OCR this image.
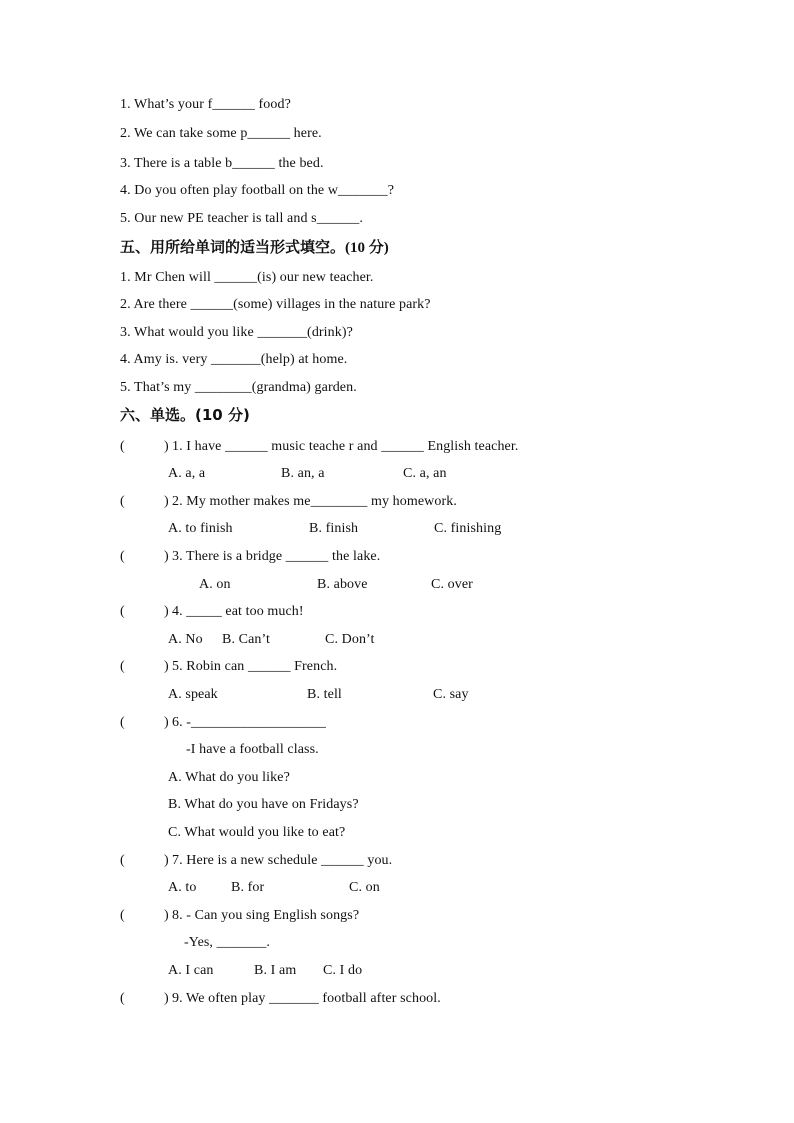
1. What’s your f______ food?
2. We can take some p______ here.
3. There is a table b______ the bed.
4. Do you often play football on the w_______?
5. Our new PE teacher is tall and s______.
五、用所给单词的适当形式填空。(10 分)
1. Mr Chen will ______(is) our new teacher.
2. Are there ______(some) villages in the nature park?
3. What would you like _______(drink)?
4. Amy is. very _______(help) at home.
5. That’s my ________(grandma) garden.
六、单选。(10 分)
(	) 1. I have ______ music teache r and ______ English teacher.
A. a, a	B. an, a	C. a, an
(	) 2. My mother makes me________ my homework.
A. to finish	B. finish	C. finishing
(	) 3. There is a bridge ______ the lake.
A. on	B. above	C. over
(	) 4. _____ eat too much!
A. No B. Can’t	C. Don’t
(	) 5. Robin can ______ French.
A. speak	B. tell	C. say
(	) 6. -___________________
-I have a football class.
A. What do you like?
B. What do you have on Fridays?
C. What would you like to eat?
(	) 7. Here is a new schedule ______ you.
A. to B. for	C. on
(	) 8. - Can you sing English songs?
-Yes, _______.
A. I can	B. I am C. I do
(	) 9. We often play _______ football after school.
